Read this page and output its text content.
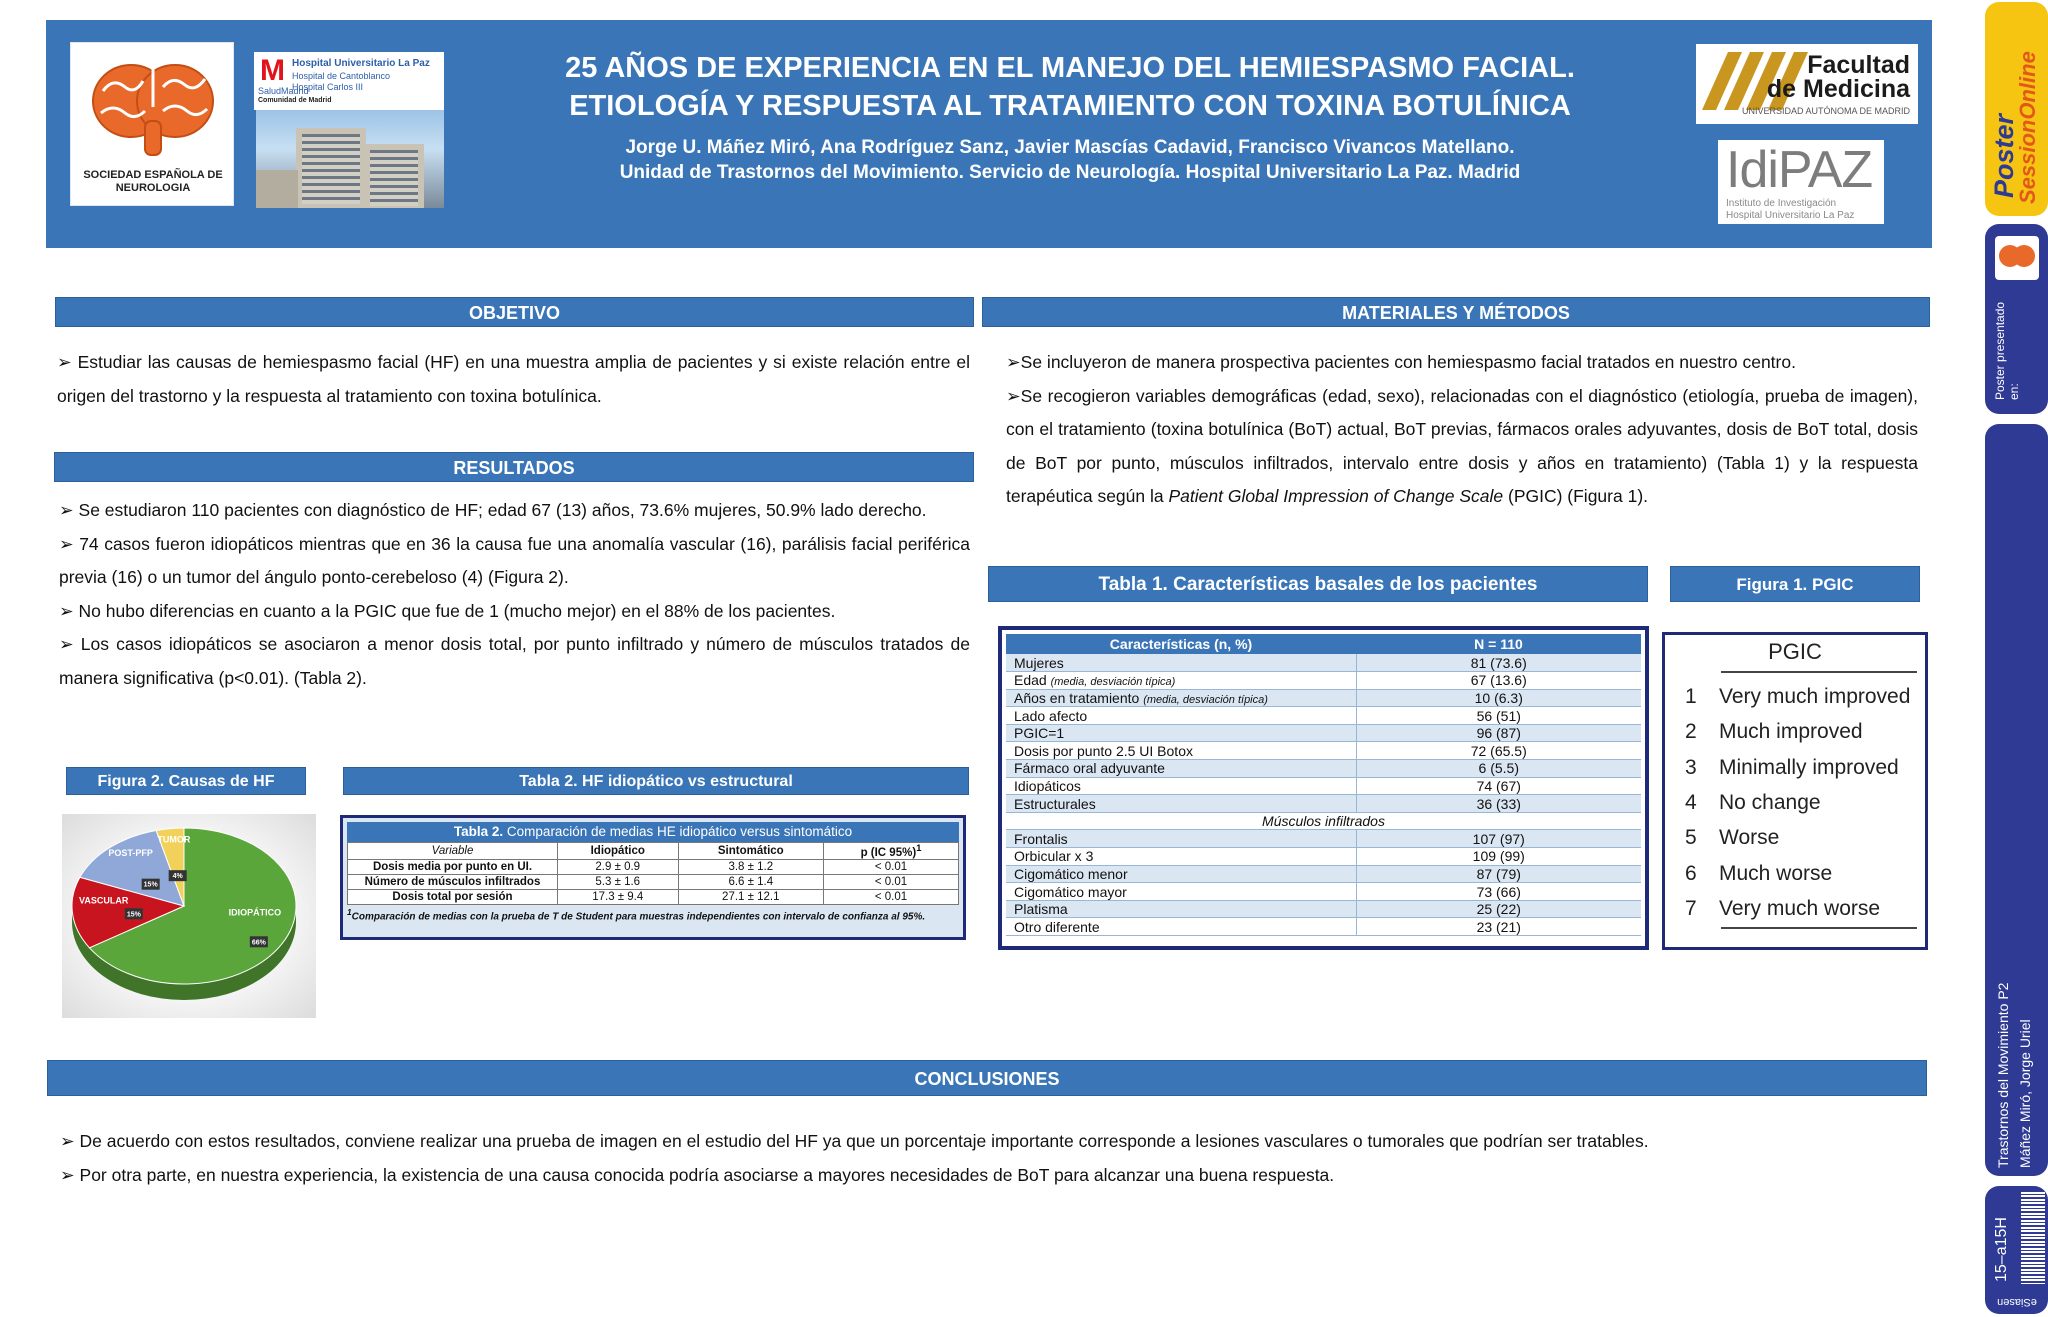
SOCIEDAD ESPAÑOLA DE NEUROLOGIA
M Hospital Universitario La Paz
Hospital de Cantoblanco
Hospital Carlos III
SaludMadrid
Comunidad de Madrid
25 AÑOS DE EXPERIENCIA EN EL MANEJO DEL HEMIESPASMO FACIAL.
ETIOLOGÍA Y RESPUESTA AL TRATAMIENTO CON TOXINA BOTULÍNICA
Jorge U. Máñez Miró, Ana Rodríguez Sanz, Javier Mascías Cadavid, Francisco Vivancos Matellano.
Unidad de Trastornos del Movimiento. Servicio de Neurología. Hospital Universitario La Paz. Madrid
Facultad
de Medicina
UNIVERSIDAD AUTÓNOMA DE MADRID
IdiPAZ
Instituto de Investigación
Hospital Universitario La Paz
OBJETIVO
➢ Estudiar las causas de hemiespasmo facial (HF) en una muestra amplia de pacientes y si existe relación entre el origen del trastorno y la respuesta al tratamiento con toxina botulínica.
RESULTADOS
➢ Se estudiaron 110 pacientes con diagnóstico de HF; edad 67 (13) años, 73.6% mujeres, 50.9% lado derecho.
➢ 74 casos fueron idiopáticos mientras que en 36 la causa fue una anomalía vascular (16), parálisis facial periférica previa (16) o un tumor del ángulo ponto-cerebeloso (4) (Figura 2).
➢ No hubo diferencias en cuanto a la PGIC que fue de 1 (mucho mejor) en el 88% de los pacientes.
➢ Los casos idiopáticos se asociaron a menor dosis total, por punto infiltrado y número de músculos tratados de manera significativa (p<0.01). (Tabla 2).
MATERIALES Y MÉTODOS
➢Se incluyeron de manera prospectiva pacientes con hemiespasmo facial tratados en nuestro centro.
➢Se recogieron variables demográficas (edad, sexo), relacionadas con el diagnóstico (etiología, prueba de imagen), con el tratamiento (toxina botulínica (BoT) actual, BoT previas, fármacos orales adyuvantes, dosis de BoT total, dosis de BoT por punto, músculos infiltrados, intervalo entre dosis y años en tratamiento) (Tabla 1) y la respuesta terapéutica según la Patient Global Impression of Change Scale (PGIC) (Figura 1).
Tabla 1. Características basales de los pacientes
Características (n, %)	N = 110
Mujeres	81 (73.6)
Edad (media, desviación típica)	67 (13.6)
Años en tratamiento (media, desviación típica)	10 (6.3)
Lado afecto	56 (51)
PGIC=1	96 (87)
Dosis por punto 2.5 UI Botox	72 (65.5)
Fármaco oral adyuvante	6 (5.5)
Idiopáticos	74 (67)
Estructurales	36 (33)
Músculos infiltrados	
Frontalis	107 (97)
Orbicular x 3	109 (99)
Cigomático menor	87 (79)
Cigomático mayor	73 (66)
Platisma	25 (22)
Otro diferente	23 (21)
Figura 1. PGIC
PGIC
1 Very much improved
2 Much improved
3 Minimally improved
4 No change
5 Worse
6 Much worse
7 Very much worse
Figura 2. Causas de HF
IDIOPÁTICO
66%
VASCULAR
15%
POST-PFP
15%
TUMOR
4%
Tabla 2. HF idiopático vs estructural
Tabla 2. Comparación de medias HE idiopático versus sintomático
Variable	Idiopático	Sintomático	p (IC 95%)$^1$
Dosis media por punto en UI.	2.9 ± 0.9	3.8 ± 1.2	< 0.01
Número de músculos infiltrados	5.3 ± 1.6	6.6 ± 1.4	< 0.01
Dosis total por sesión	17.3 ± 9.4	27.1 ± 12.1	< 0.01
$^1$Comparación de medias con la prueba de T de Student para muestras independientes con intervalo de confianza al 95%.
CONCLUSIONES
➢ De acuerdo con estos resultados, conviene realizar una prueba de imagen en el estudio del HF ya que un porcentaje importante corresponde a lesiones vasculares o tumorales que podrían ser tratables.
➢ Por otra parte, en nuestra experiencia, la existencia de una causa conocida podría asociarse a mayores necesidades de BoT para alcanzar una buena respuesta.
Poster
SessionOnline
Poster presentado en:
Trastornos del Movimiento P2 Máñez Miró, Jorge Uriel
15–a15H
eSiasen
